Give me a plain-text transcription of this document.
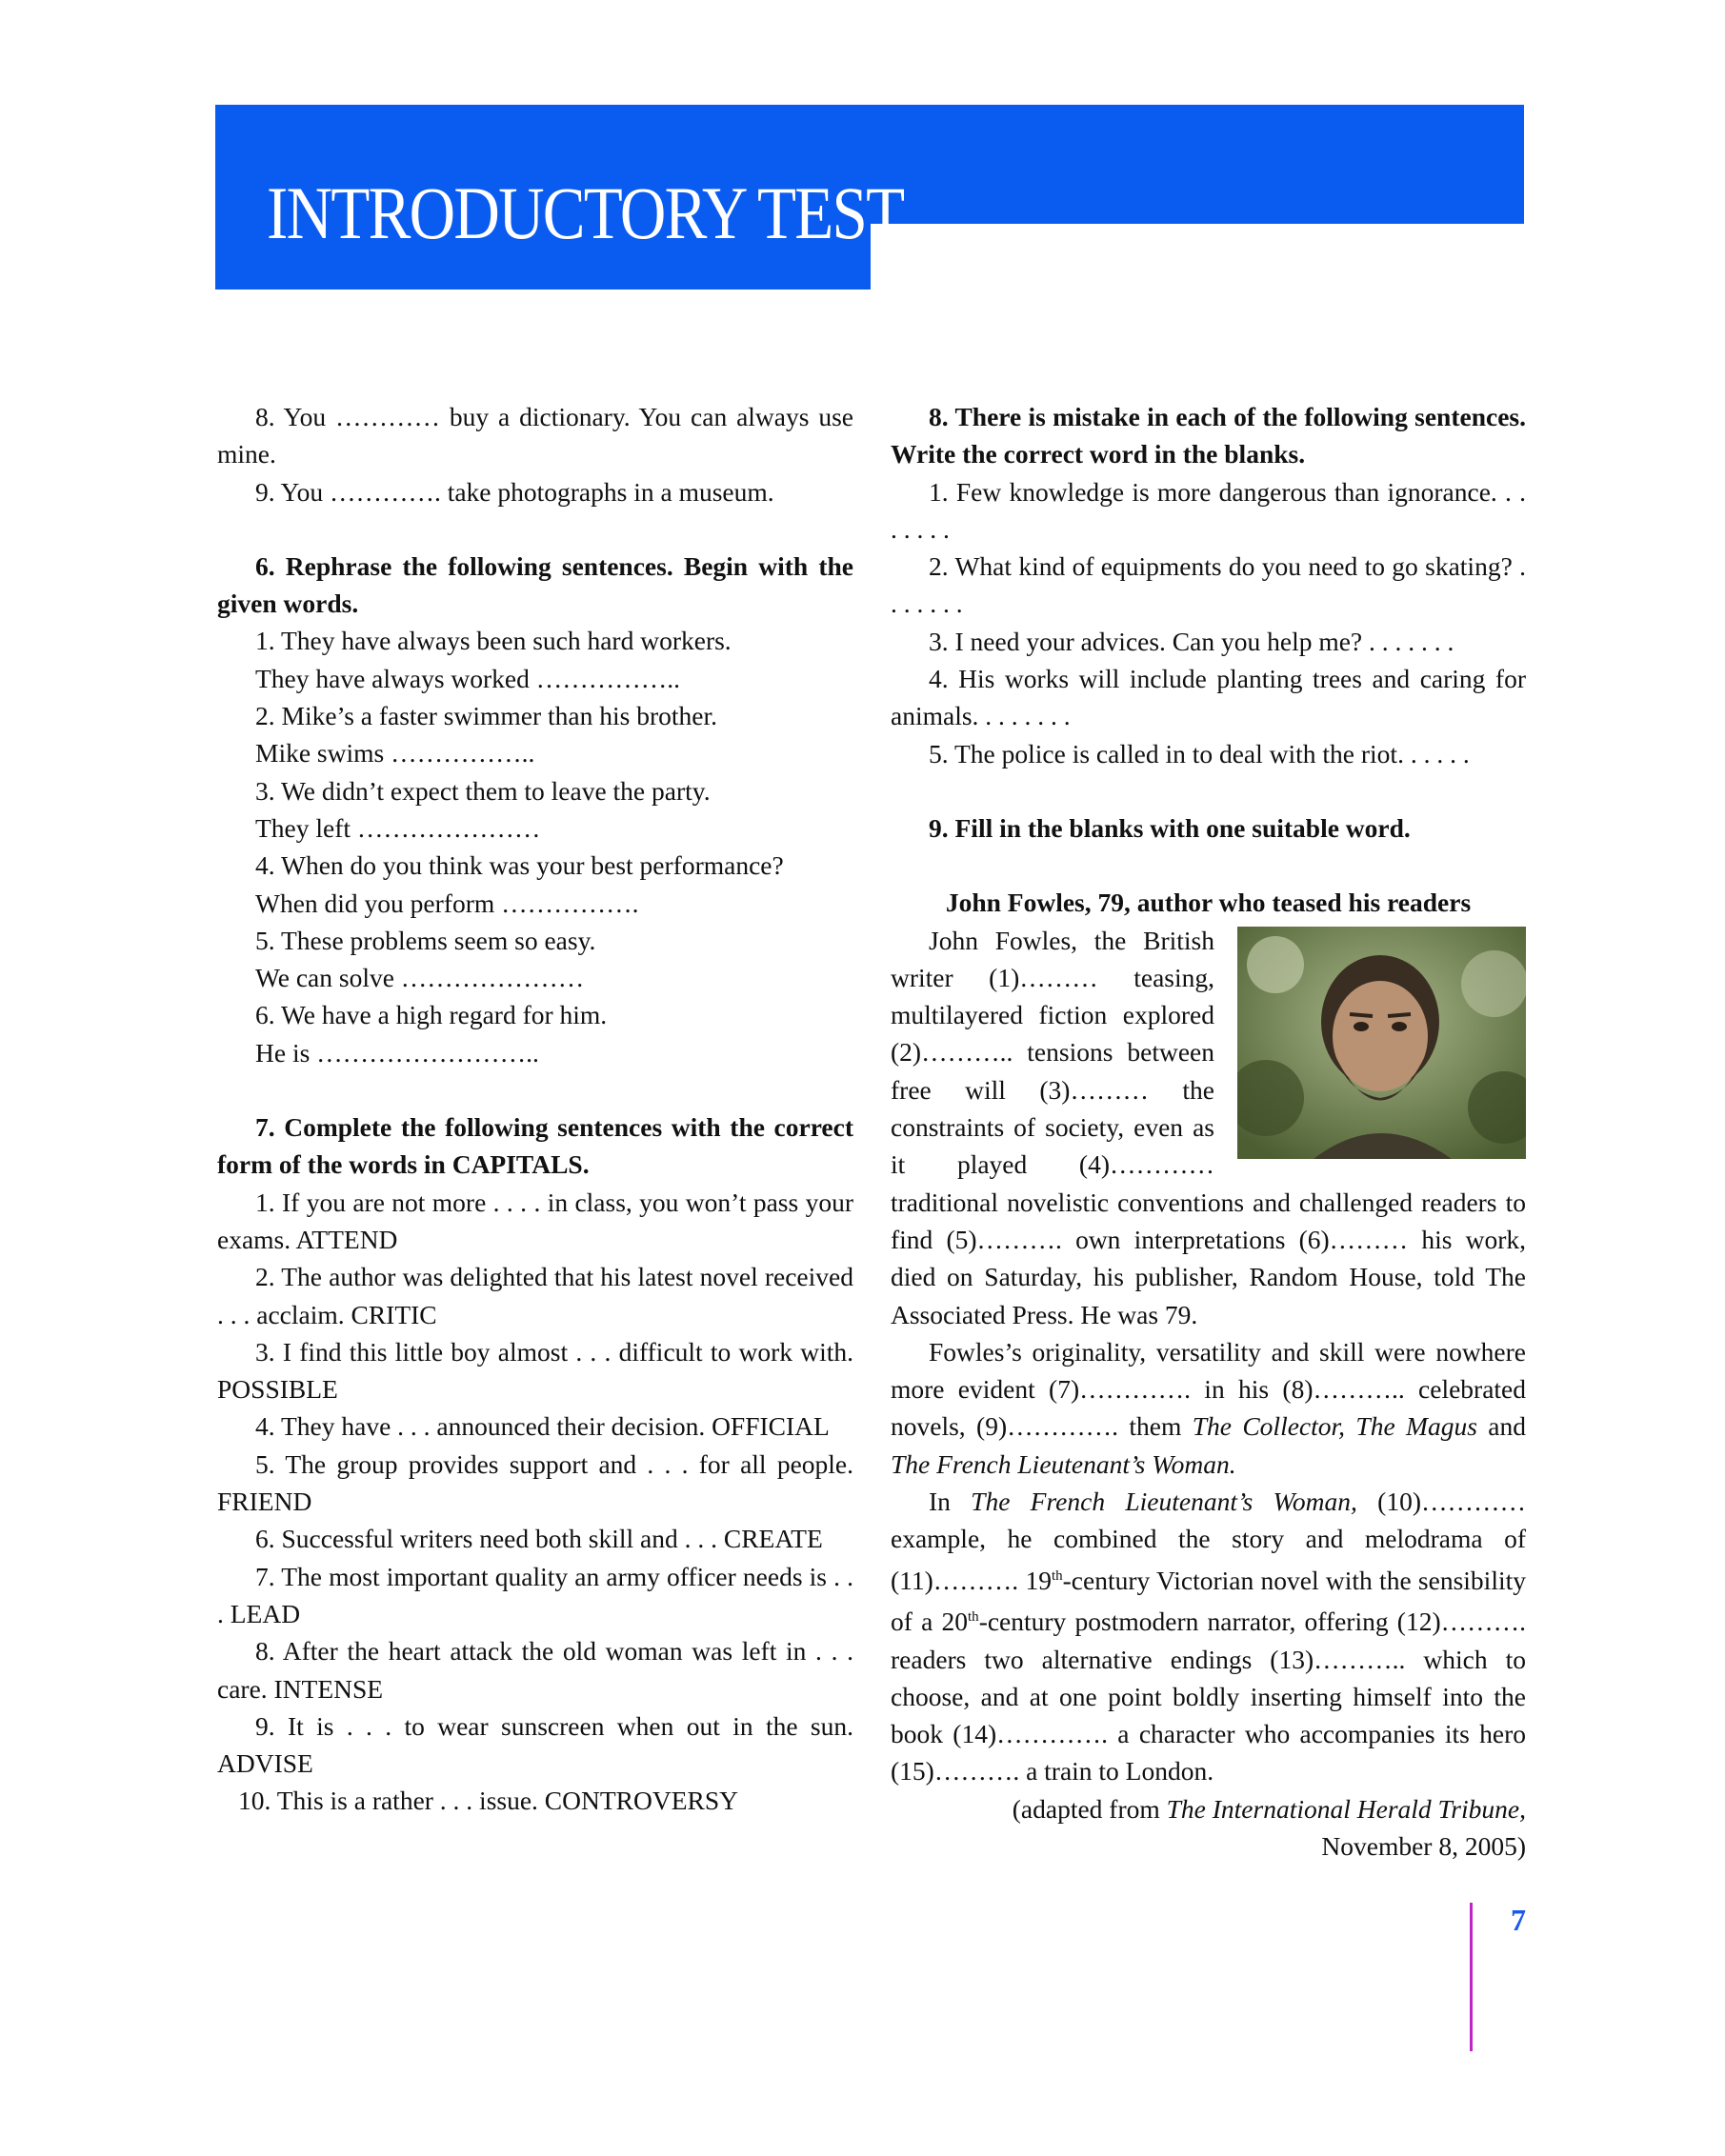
INTRODUCTORY TEST

8. You ………… buy a dictionary. You can always use mine.

9. You …………. take photographs in a museum.

6. Rephrase the following sentences. Begin with the given words.

1. They have always been such hard workers.

They have always worked ……………..

2. Mike’s a faster swimmer than his brother.

Mike swims ……………..

3. We didn’t expect them to leave the party.

They left …………………

4. When do you think was your best performance?

When did you perform …………….

5. These problems seem so easy.

We can solve …………………

6. We have a high regard for him.

He is ……………………..

7. Complete the following sentences with the correct form of the words in CAPITALS.

1. If you are not more . . . . in class, you won’t pass your exams. ATTEND

2. The author was delighted that his latest novel received . . . acclaim. CRITIC

3. I find this little boy almost . . . difficult to work with. POSSIBLE

4. They have . . . announced their decision. OFFICIAL

5. The group provides support and . . . for all people. FRIEND

6. Successful writers need both skill and . . . CREATE

7. The most important quality an army officer needs is . . . LEAD

8. After the heart attack the old woman was left in . . . care. INTENSE

9. It is . . . to wear sunscreen when out in the sun. ADVISE

10. This is a rather . . . issue. CONTROVERSY

8. There is mistake in each of the following sentences. Write the correct word in the blanks.

1. Few knowledge is more dangerous than ignorance. . . . . . . .

2. What kind of equipments do you need to go skating? . . . . . . .

3. I need your advices. Can you help me? . . . . . . .

4. His works will include planting trees and caring for animals. . . . . . . .

5. The police is called in to deal with the riot. . . . . .

9. Fill in the blanks with one suitable word.

John Fowles, 79, author who teased his readers

John Fowles, the British writer (1)……… teasing, multilayered fiction explored (2)……….. tensions between free will (3)……… the constraints of society, even as it played (4)………… traditional novelistic conventions and challenged readers to find (5)………. own interpretations (6)……… his work, died on Saturday, his publisher, Random House, told The Associated Press. He was 79.

Fowles’s originality, versatility and skill were nowhere more evident (7)…………. in his (8)……….. celebrated novels, (9)…………. them The Collector, The Magus and The French Lieutenant’s Woman.

In The French Lieutenant’s Woman, (10)………… example, he combined the story and melodrama of (11)………. 19th-century Victorian novel with the sensibility of a 20th-century postmodern narrator, offering (12)………. readers two alternative endings (13)……….. which to choose, and at one point boldly inserting himself into the book (14)…………. a character who accompanies its hero (15)………. a train to London.

(adapted from The International Herald Tribune,

November 8, 2005)

7
